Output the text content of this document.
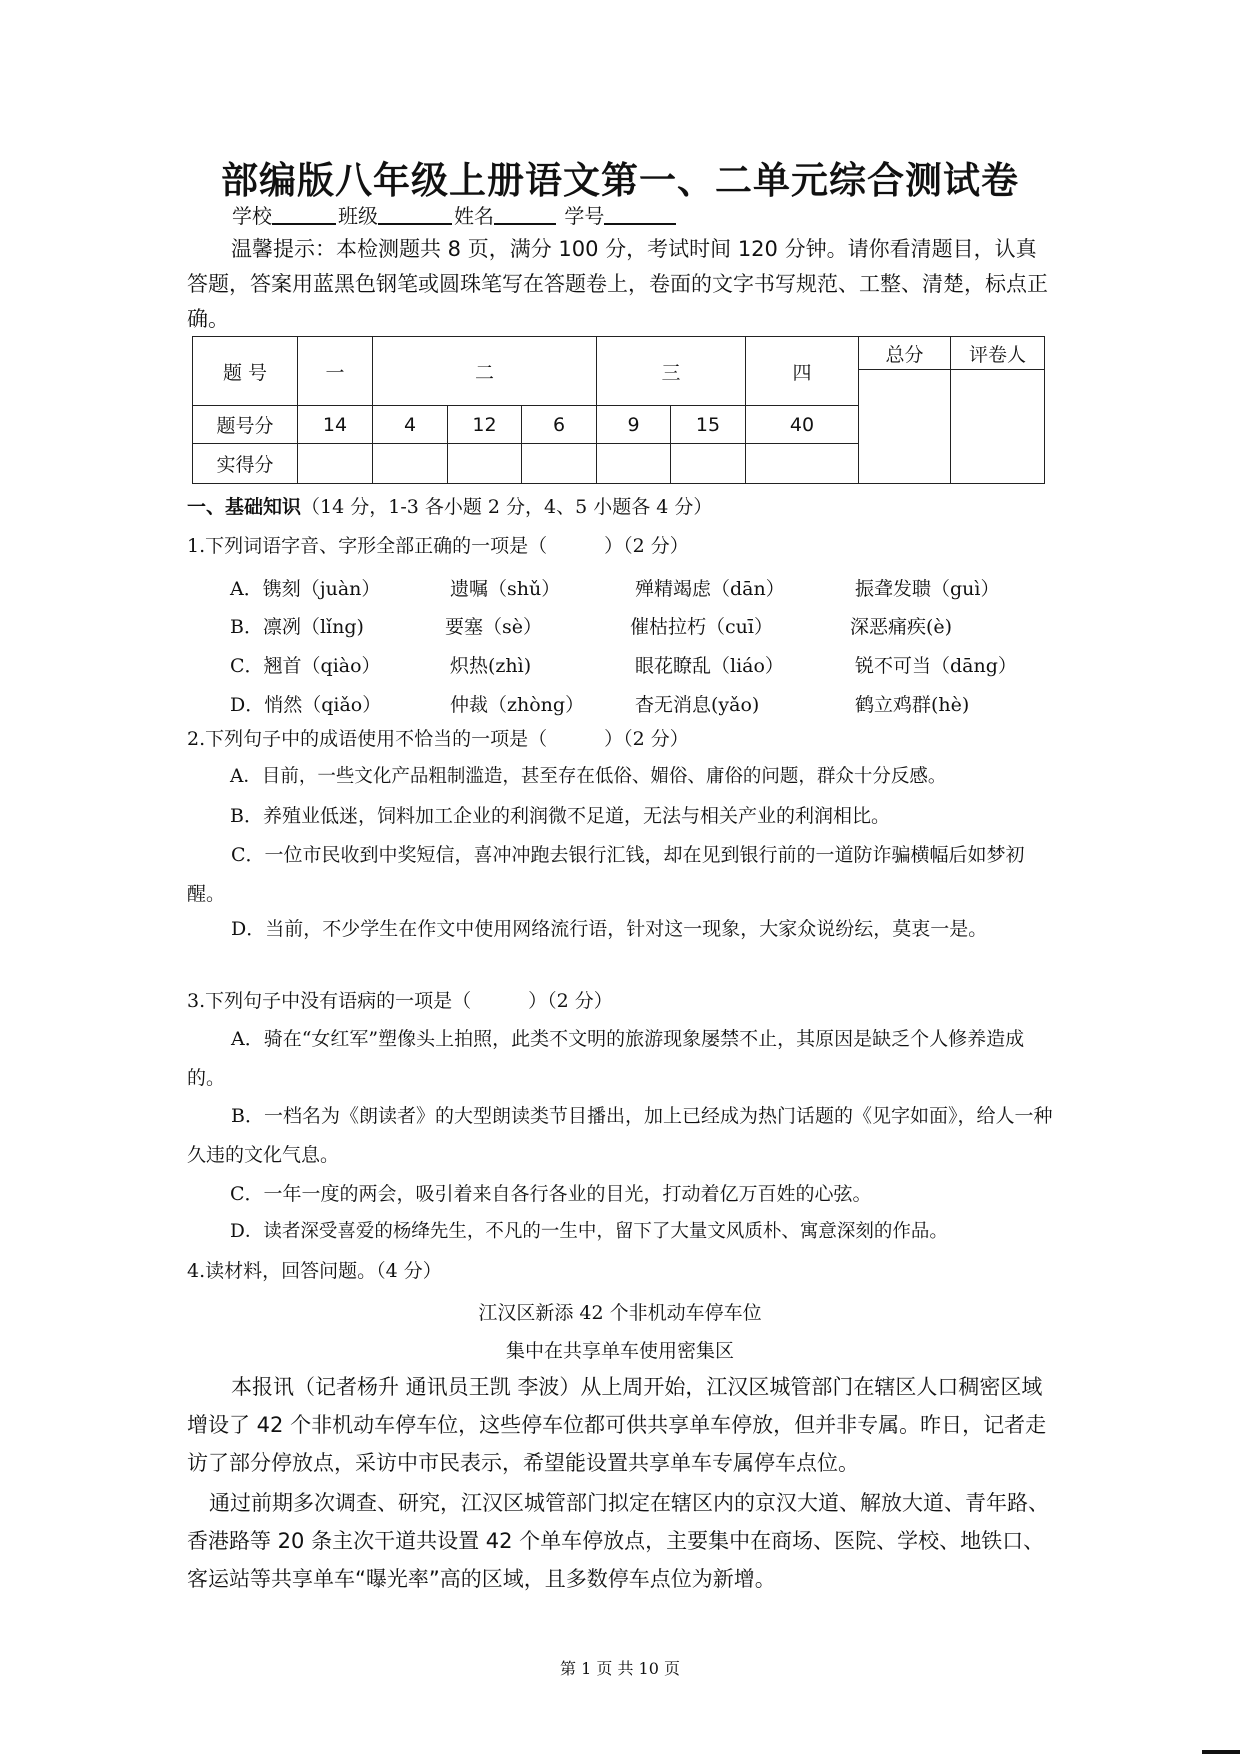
部编版八年级上册语文第一、二单元综合测试卷
学校	班级	姓名	学号
温馨提示：本检测题共 8 页，满分 100 分，考试时间 120 分钟。请你看清题目，认真答题，答案用蓝黑色钢笔或圆珠笔写在答题卷上，卷面的文字书写规范、工整、清楚，标点正确。
题 号	一	二			三		四	总分	评卷人

题号分	14	4	12	6	9	15	40		
实得分									
一、基础知识（14 分，1-3 各小题 2 分，4、5 小题各 4 分）
1.下列词语字音、字形全部正确的一项是（　　　）（2 分）
A．镌刻（juàn）	遗嘱（shǔ）	殚精竭虑（dān）	振聋发聩（guì）
B．凛冽（lǐng)	要塞（sè）	催枯拉朽（cuī）	深恶痛疾(è)
C．翘首（qiào）	炽热(zhì)	眼花瞭乱（liáo）	锐不可当（dāng）
D．悄然（qiǎo）	仲裁（zhòng）	杳无消息(yǎo)	鹤立鸡群(hè)
2.下列句子中的成语使用不恰当的一项是（　　　）（2 分）
A．目前，一些文化产品粗制滥造，甚至存在低俗、媚俗、庸俗的问题，群众十分反感。
B．养殖业低迷，饲料加工企业的利润微不足道，无法与相关产业的利润相比。
C．一位市民收到中奖短信，喜冲冲跑去银行汇钱，却在见到银行前的一道防诈骗横幅后如梦初醒。
D．当前，不少学生在作文中使用网络流行语，针对这一现象，大家众说纷纭，莫衷一是。
3.下列句子中没有语病的一项是（　　　）（2 分）
A．骑在“女红军”塑像头上拍照，此类不文明的旅游现象屡禁不止，其原因是缺乏个人修养造成的。
B．一档名为《朗读者》的大型朗读类节目播出，加上已经成为热门话题的《见字如面》，给人一种久违的文化气息。
C．一年一度的两会，吸引着来自各行各业的目光，打动着亿万百姓的心弦。
D．读者深受喜爱的杨绛先生，不凡的一生中，留下了大量文风质朴、寓意深刻的作品。
4.读材料，回答问题。（4 分）
江汉区新添 42 个非机动车停车位
集中在共享单车使用密集区
本报讯（记者杨升 通讯员王凯 李波）从上周开始，江汉区城管部门在辖区人口稠密区域增设了 42 个非机动车停车位，这些停车位都可供共享单车停放，但并非专属。昨日，记者走访了部分停放点，采访中市民表示，希望能设置共享单车专属停车点位。
通过前期多次调查、研究，江汉区城管部门拟定在辖区内的京汉大道、解放大道、青年路、香港路等 20 条主次干道共设置 42 个单车停放点，主要集中在商场、医院、学校、地铁口、客运站等共享单车“曝光率”高的区域，且多数停车点位为新增。
第 1 页 共 10 页
